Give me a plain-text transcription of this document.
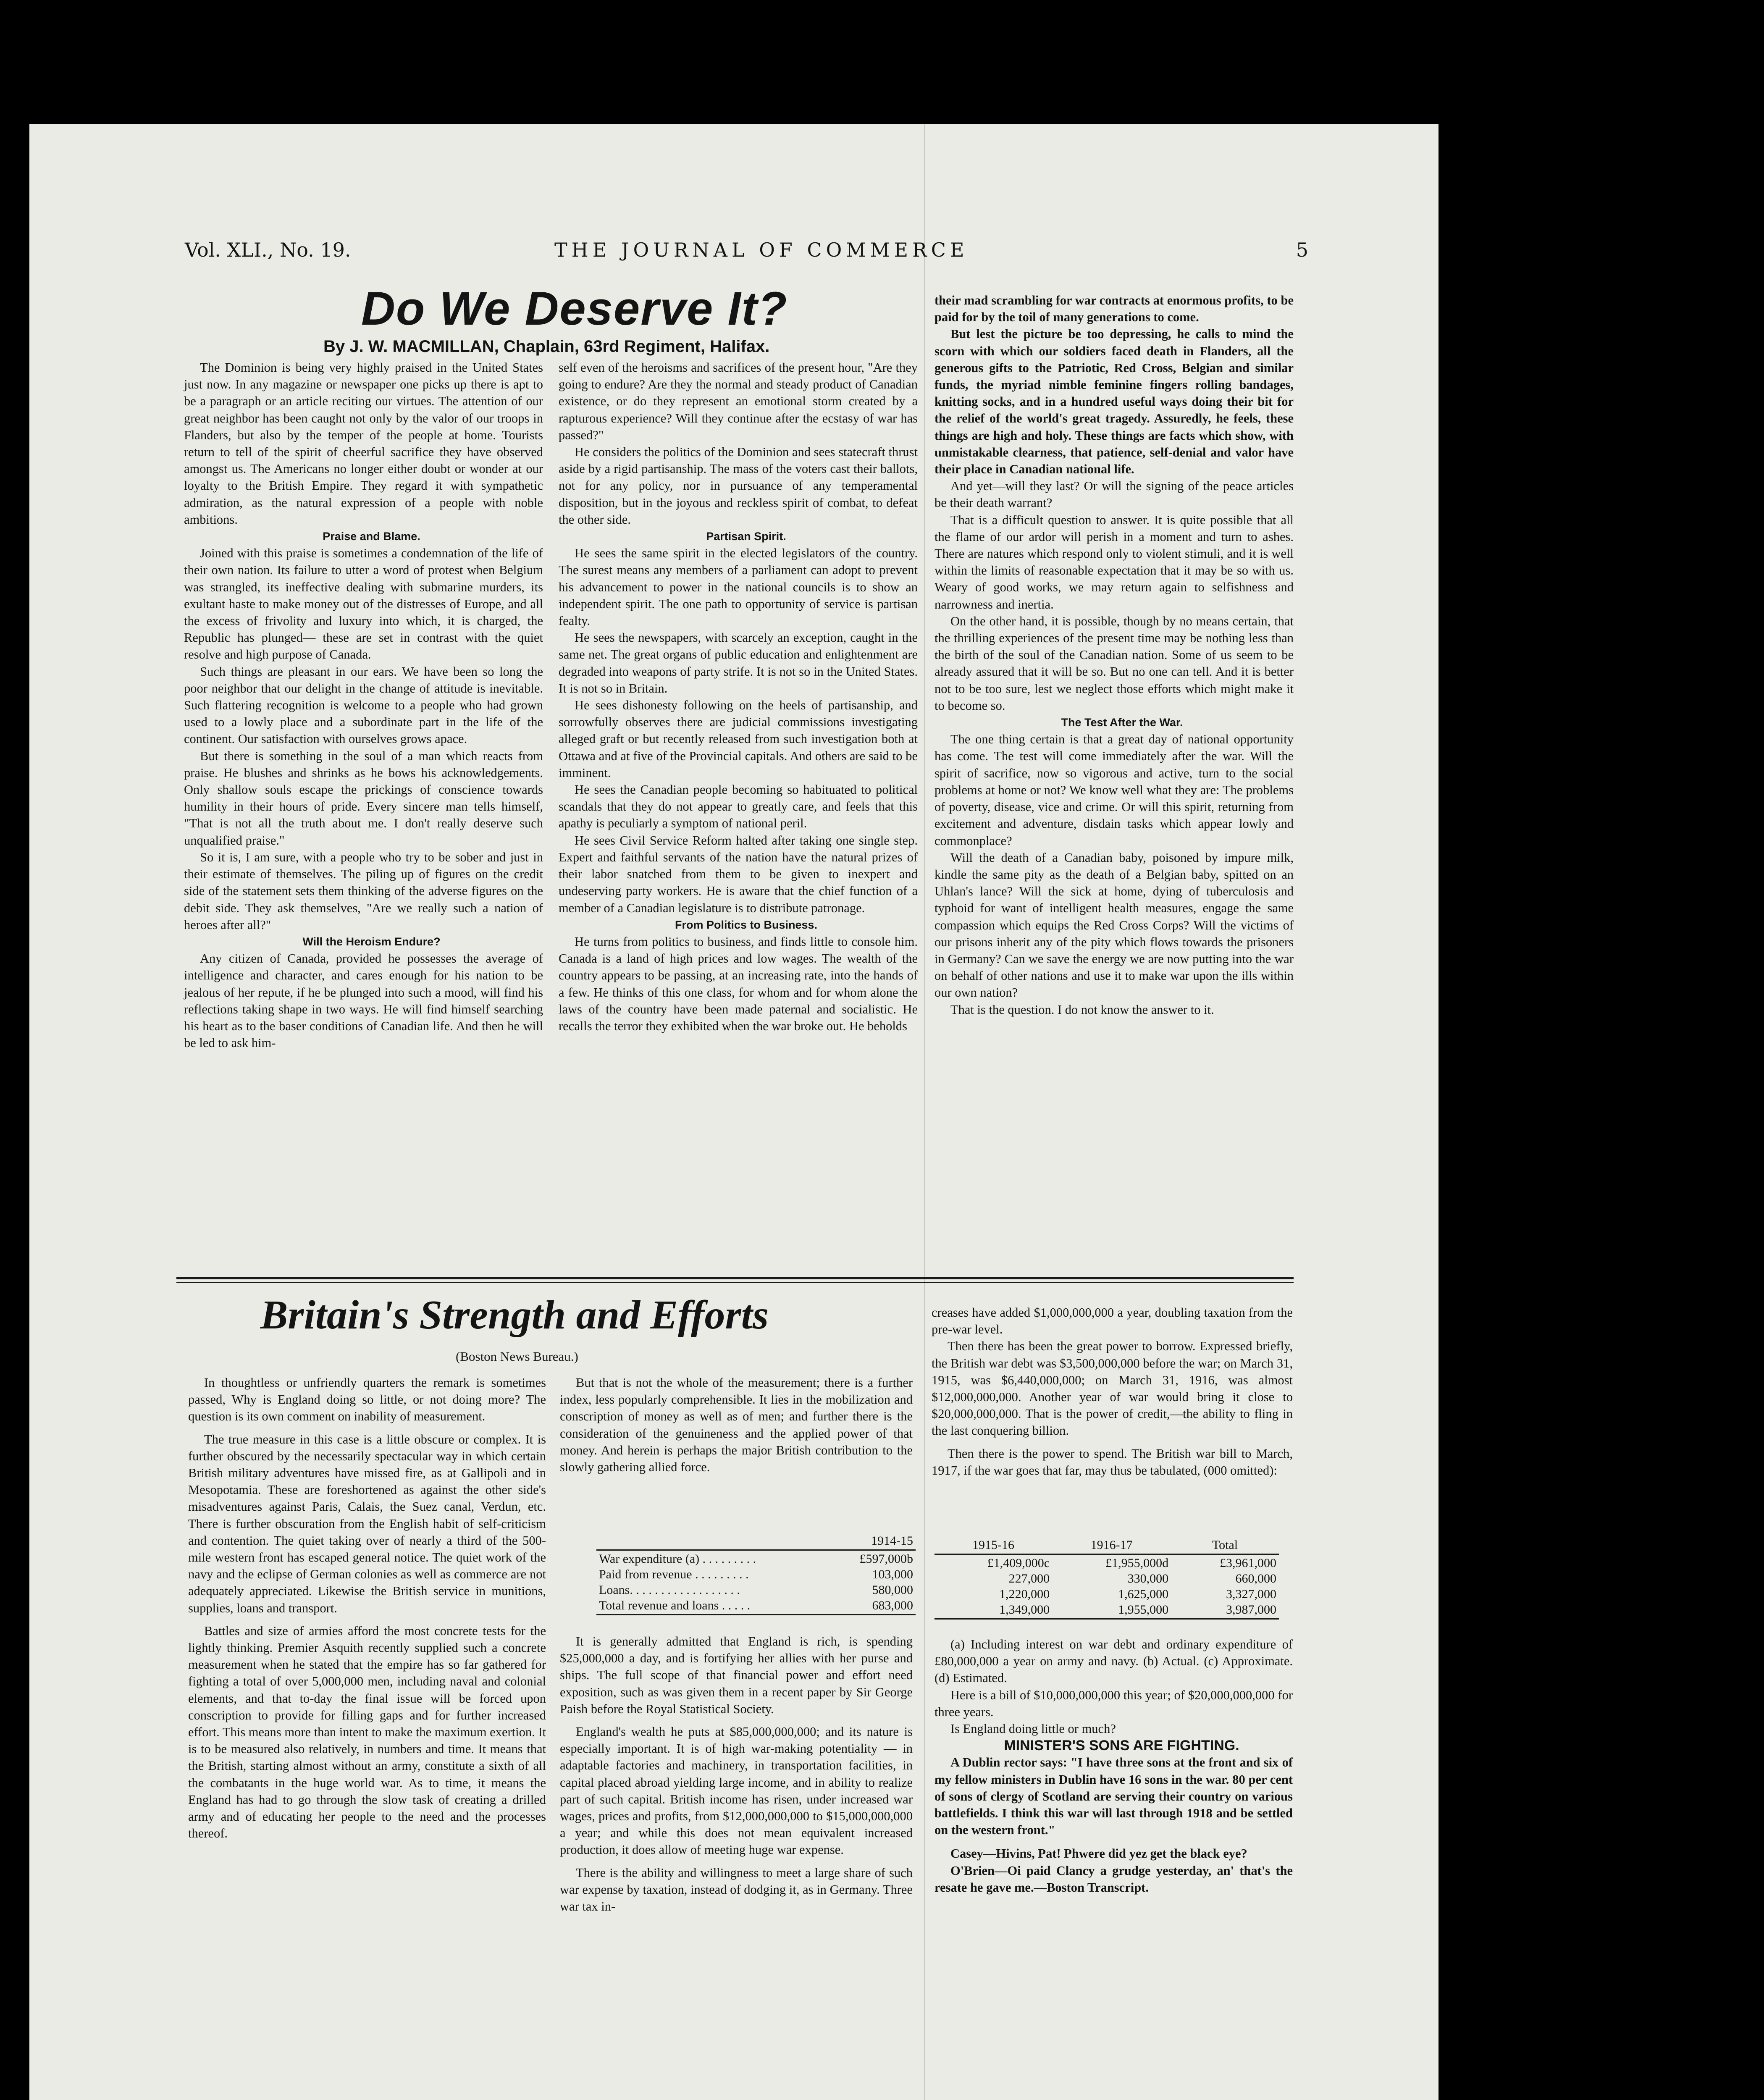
Vol. XLI., No. 19.	THE JOURNAL OF COMMERCE	5
Do We Deserve It?
By J. W. MACMILLAN, Chaplain, 63rd Regiment, Halifax.

The Dominion is being very highly praised in the United States just now. In any magazine or newspaper one picks up there is apt to be a paragraph or an article reciting our virtues. The attention of our great neighbor has been caught not only by the valor of our troops in Flanders, but also by the temper of the people at home. Tourists return to tell of the spirit of cheerful sacrifice they have observed amongst us. The Americans no longer either doubt or wonder at our loyalty to the British Empire. They regard it with sympathetic admiration, as the natural expression of a people with noble ambitions.

Praise and Blame.

Joined with this praise is sometimes a condemnation of the life of their own nation. Its failure to utter a word of protest when Belgium was strangled, its ineffective dealing with submarine murders, its exultant haste to make money out of the distresses of Europe, and all the excess of frivolity and luxury into which, it is charged, the Republic has plunged— these are set in contrast with the quiet resolve and high purpose of Canada.

Such things are pleasant in our ears. We have been so long the poor neighbor that our delight in the change of attitude is inevitable. Such flattering recognition is welcome to a people who had grown used to a lowly place and a subordinate part in the life of the continent. Our satisfaction with ourselves grows apace.

But there is something in the soul of a man which reacts from praise. He blushes and shrinks as he bows his acknowledgements. Only shallow souls escape the prickings of conscience towards humility in their hours of pride. Every sincere man tells himself, "That is not all the truth about me. I don't really deserve such unqualified praise."

So it is, I am sure, with a people who try to be sober and just in their estimate of themselves. The piling up of figures on the credit side of the statement sets them thinking of the adverse figures on the debit side. They ask themselves, "Are we really such a nation of heroes after all?"

Will the Heroism Endure?

Any citizen of Canada, provided he possesses the average of intelligence and character, and cares enough for his nation to be jealous of her repute, if he be plunged into such a mood, will find his reflections taking shape in two ways. He will find himself searching his heart as to the baser conditions of Canadian life. And then he will be led to ask him-

self even of the heroisms and sacrifices of the present hour, "Are they going to endure? Are they the normal and steady product of Canadian existence, or do they represent an emotional storm created by a rapturous experience? Will they continue after the ecstasy of war has passed?"

He considers the politics of the Dominion and sees statecraft thrust aside by a rigid partisanship. The mass of the voters cast their ballots, not for any policy, nor in pursuance of any temperamental disposition, but in the joyous and reckless spirit of combat, to defeat the other side.

Partisan Spirit.

He sees the same spirit in the elected legislators of the country. The surest means any members of a parliament can adopt to prevent his advancement to power in the national councils is to show an independent spirit. The one path to opportunity of service is partisan fealty.

He sees the newspapers, with scarcely an exception, caught in the same net. The great organs of public education and enlightenment are degraded into weapons of party strife. It is not so in the United States. It is not so in Britain.

He sees dishonesty following on the heels of partisanship, and sorrowfully observes there are judicial commissions investigating alleged graft or but recently released from such investigation both at Ottawa and at five of the Provincial capitals. And others are said to be imminent.

He sees the Canadian people becoming so habituated to political scandals that they do not appear to greatly care, and feels that this apathy is peculiarly a symptom of national peril.

He sees Civil Service Reform halted after taking one single step. Expert and faithful servants of the nation have the natural prizes of their labor snatched from them to be given to inexpert and undeserving party workers. He is aware that the chief function of a member of a Canadian legislature is to distribute patronage.

From Politics to Business.

He turns from politics to business, and finds little to console him. Canada is a land of high prices and low wages. The wealth of the country appears to be passing, at an increasing rate, into the hands of a few. He thinks of this one class, for whom and for whom alone the laws of the country have been made paternal and socialistic. He recalls the terror they exhibited when the war broke out. He beholds

their mad scrambling for war contracts at enormous profits, to be paid for by the toil of many generations to come.

But lest the picture be too depressing, he calls to mind the scorn with which our soldiers faced death in Flanders, all the generous gifts to the Patriotic, Red Cross, Belgian and similar funds, the myriad nimble feminine fingers rolling bandages, knitting socks, and in a hundred useful ways doing their bit for the relief of the world's great tragedy. Assuredly, he feels, these things are high and holy. These things are facts which show, with unmistakable clearness, that patience, self-denial and valor have their place in Canadian national life.

And yet—will they last? Or will the signing of the peace articles be their death warrant?

That is a difficult question to answer. It is quite possible that all the flame of our ardor will perish in a moment and turn to ashes. There are natures which respond only to violent stimuli, and it is well within the limits of reasonable expectation that it may be so with us. Weary of good works, we may return again to selfishness and narrowness and inertia.

On the other hand, it is possible, though by no means certain, that the thrilling experiences of the present time may be nothing less than the birth of the soul of the Canadian nation. Some of us seem to be already assured that it will be so. But no one can tell. And it is better not to be too sure, lest we neglect those efforts which might make it to become so.

The Test After the War.

The one thing certain is that a great day of national opportunity has come. The test will come immediately after the war. Will the spirit of sacrifice, now so vigorous and active, turn to the social problems at home or not? We know well what they are: The problems of poverty, disease, vice and crime. Or will this spirit, returning from excitement and adventure, disdain tasks which appear lowly and commonplace?

Will the death of a Canadian baby, poisoned by impure milk, kindle the same pity as the death of a Belgian baby, spitted on an Uhlan's lance? Will the sick at home, dying of tuberculosis and typhoid for want of intelligent health measures, engage the same compassion which equips the Red Cross Corps? Will the victims of our prisons inherit any of the pity which flows towards the prisoners in Germany? Can we save the energy we are now putting into the war on behalf of other nations and use it to make war upon the ills within our own nation?

That is the question. I do not know the answer to it.

Britain's Strength and Efforts
(Boston News Bureau.)

In thoughtless or unfriendly quarters the remark is sometimes passed, Why is England doing so little, or not doing more? The question is its own comment on inability of measurement.

The true measure in this case is a little obscure or complex. It is further obscured by the necessarily spectacular way in which certain British military adventures have missed fire, as at Gallipoli and in Mesopotamia. These are foreshortened as against the other side's misadventures against Paris, Calais, the Suez canal, Verdun, etc. There is further obscuration from the English habit of self-criticism and contention. The quiet taking over of nearly a third of the 500-mile western front has escaped general notice. The quiet work of the navy and the eclipse of German colonies as well as commerce are not adequately appreciated. Likewise the British service in munitions, supplies, loans and transport.

Battles and size of armies afford the most concrete tests for the lightly thinking. Premier Asquith recently supplied such a concrete measurement when he stated that the empire has so far gathered for fighting a total of over 5,000,000 men, including naval and colonial elements, and that to-day the final issue will be forced upon conscription to provide for filling gaps and for further increased effort. This means more than intent to make the maximum exertion. It is to be measured also relatively, in numbers and time. It means that the British, starting almost without an army, constitute a sixth of all the combatants in the huge world war. As to time, it means the England has had to go through the slow task of creating a drilled army and of educating her people to the need and the processes thereof.

But that is not the whole of the measurement; there is a further index, less popularly comprehensible. It lies in the mobilization and conscription of money as well as of men; and further there is the consideration of the genuineness and the applied power of that money. And herein is perhaps the major British contribution to the slowly gathering allied force.

	1914-15

War expenditure (a) . . . . . . . . .	£597,000b
Paid from revenue . . . . . . . . .	103,000
Loans. . . . . . . . . . . . . . . . . .	580,000
Total revenue and loans . . . . .	683,000

It is generally admitted that England is rich, is spending $25,000,000 a day, and is fortifying her allies with her purse and ships. The full scope of that financial power and effort need exposition, such as was given them in a recent paper by Sir George Paish before the Royal Statistical Society.

England's wealth he puts at $85,000,000,000; and its nature is especially important. It is of high war-making potentiality — in adaptable factories and machinery, in transportation facilities, in capital placed abroad yielding large income, and in ability to realize part of such capital. British income has risen, under increased war wages, prices and profits, from $12,000,000,000 to $15,000,000,000 a year; and while this does not mean equivalent increased production, it does allow of meeting huge war expense.

There is the ability and willingness to meet a large share of such war expense by taxation, instead of dodging it, as in Germany. Three war tax in-

creases have added $1,000,000,000 a year, doubling taxation from the pre-war level.

Then there has been the great power to borrow. Expressed briefly, the British war debt was $3,500,000,000 before the war; on March 31, 1915, was $6,440,000,000; on March 31, 1916, was almost $12,000,000,000. Another year of war would bring it close to $20,000,000,000. That is the power of credit,—the ability to fling in the last conquering billion.

Then there is the power to spend. The British war bill to March, 1917, if the war goes that far, may thus be tabulated, (000 omitted):

1915-16	1916-17	Total

£1,409,000c	£1,955,000d	£3,961,000
227,000	330,000	660,000
1,220,000	1,625,000	3,327,000
1,349,000	1,955,000	3,987,000

(a) Including interest on war debt and ordinary expenditure of £80,000,000 a year on army and navy. (b) Actual. (c) Approximate. (d) Estimated.

Here is a bill of $10,000,000,000 this year; of $20,000,000,000 for three years.

Is England doing little or much?

MINISTER'S SONS ARE FIGHTING.

A Dublin rector says: "I have three sons at the front and six of my fellow ministers in Dublin have 16 sons in the war. 80 per cent of sons of clergy of Scotland are serving their country on various battlefields. I think this war will last through 1918 and be settled on the western front."

Casey—Hivins, Pat! Phwere did yez get the black eye?

O'Brien—Oi paid Clancy a grudge yesterday, an' that's the resate he gave me.—Boston Transcript.
